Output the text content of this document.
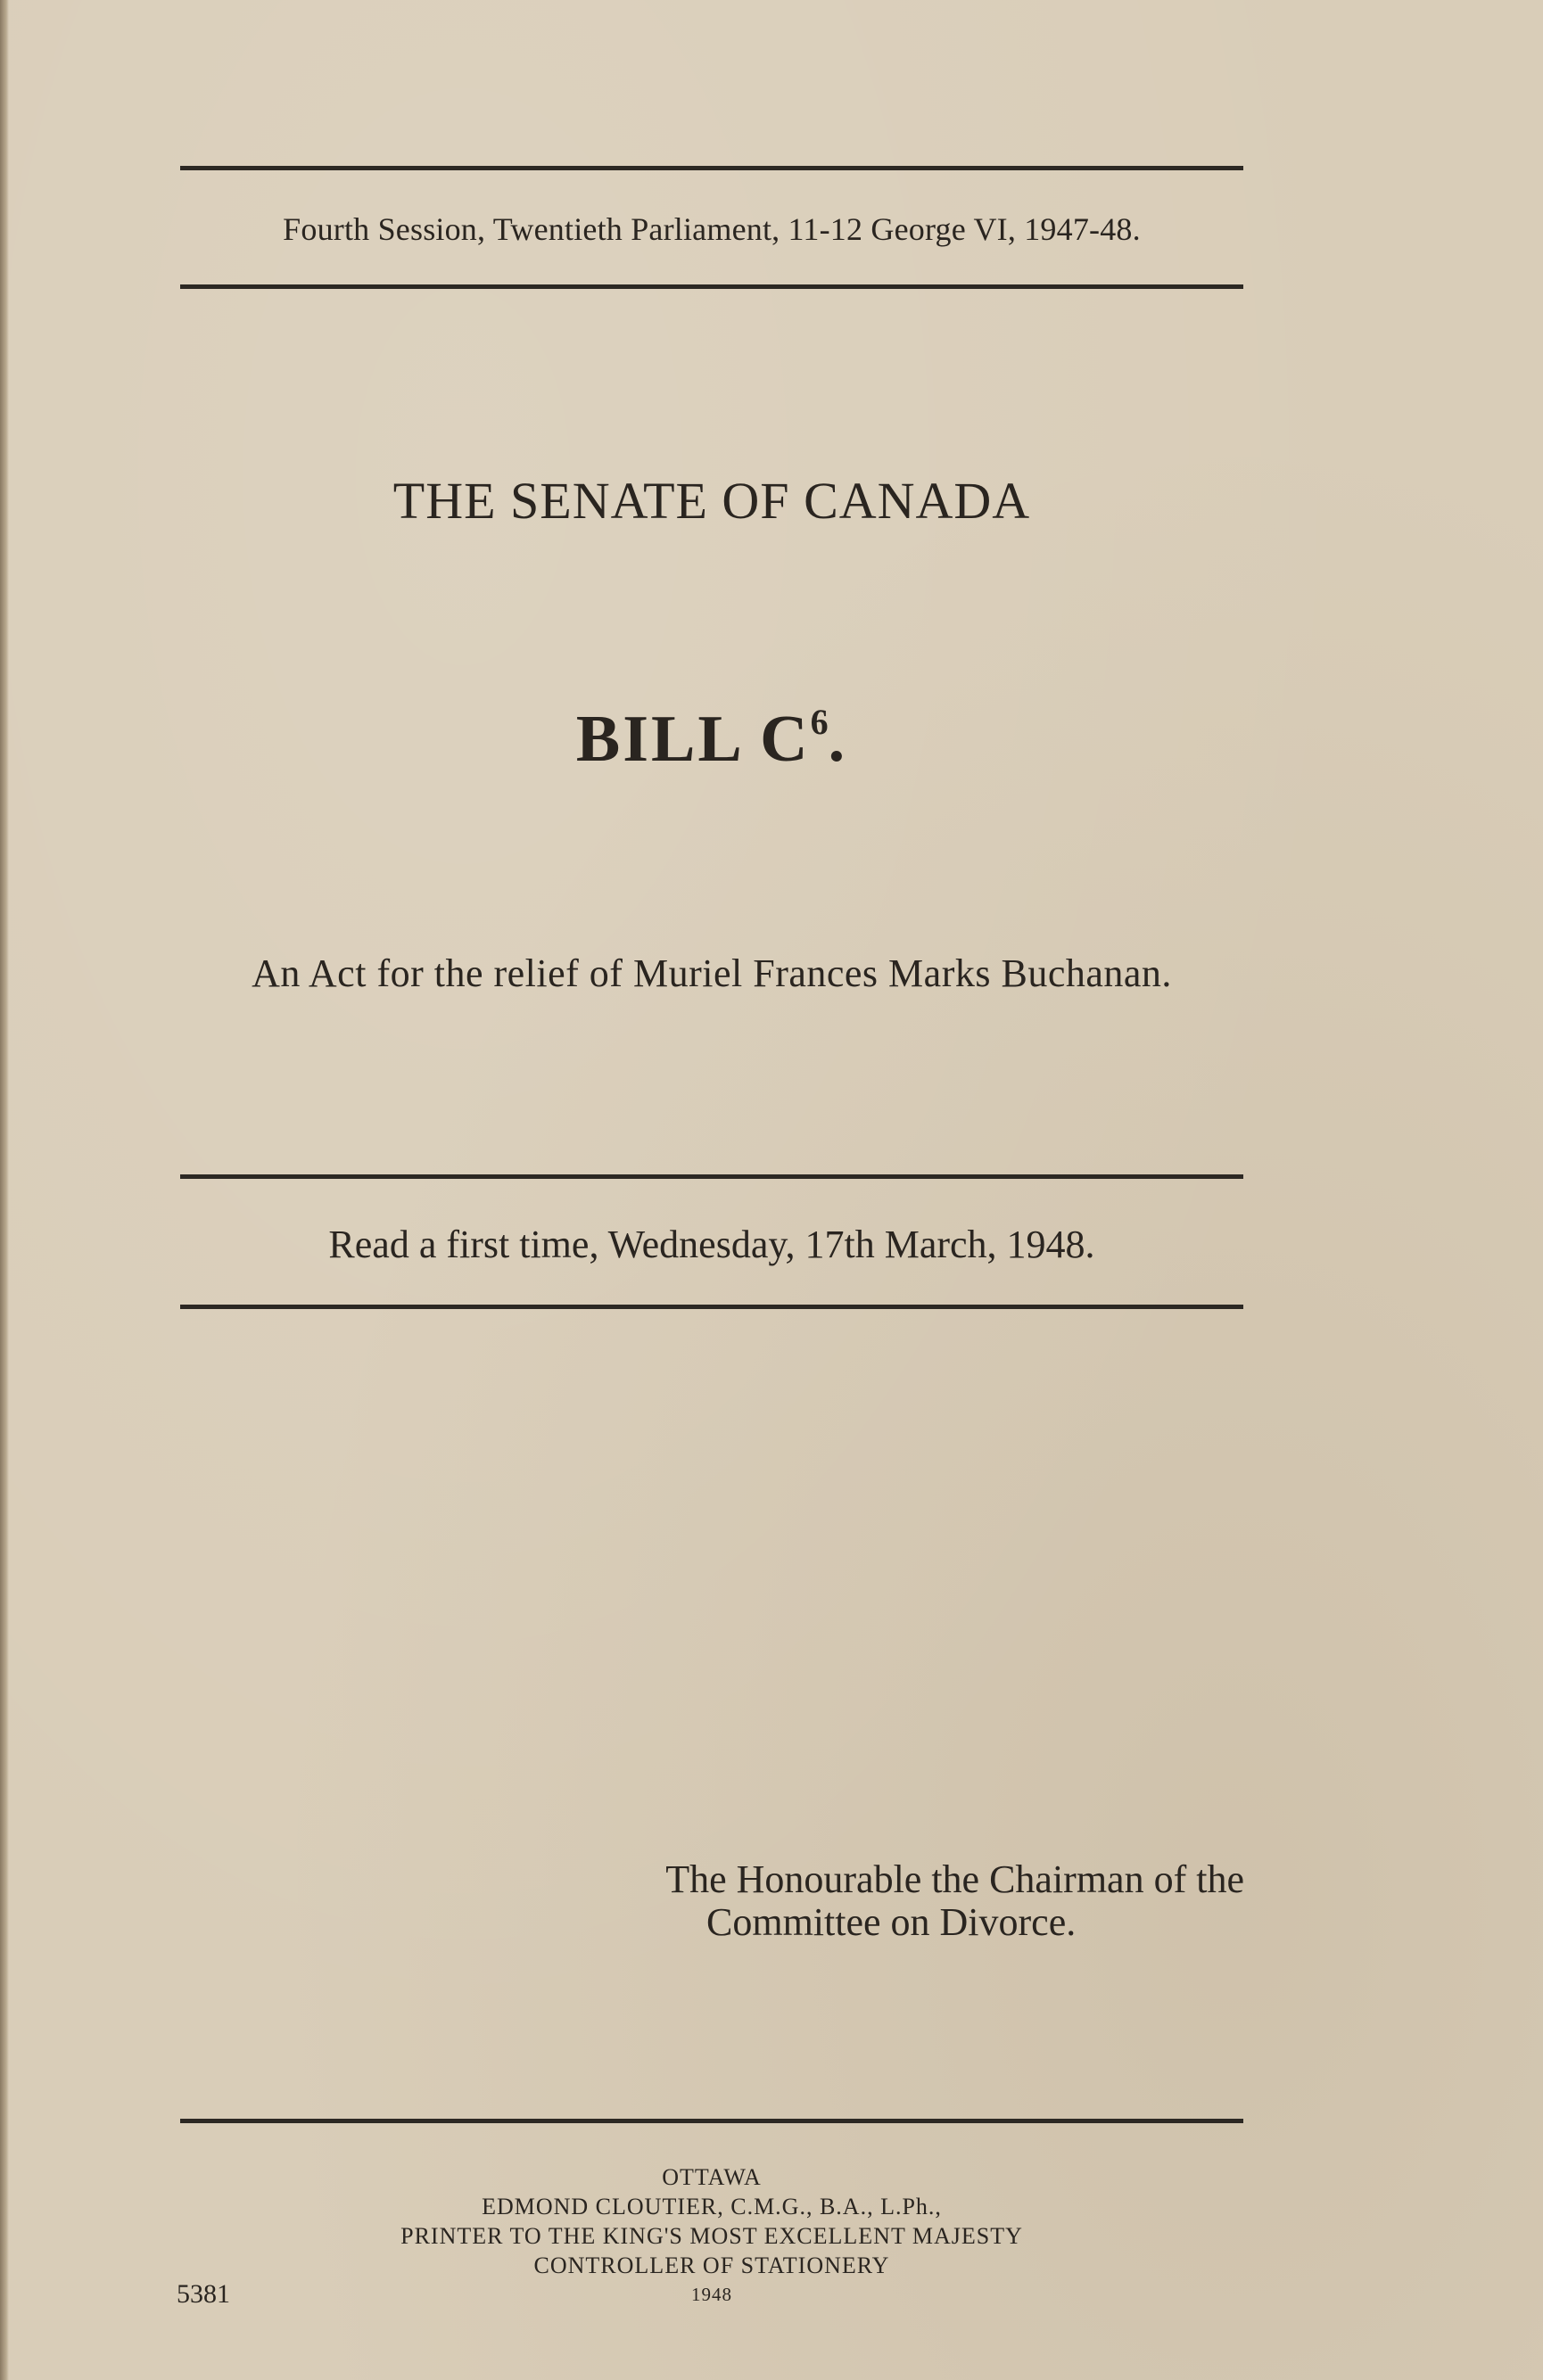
Fourth Session, Twentieth Parliament, 11-12 George VI, 1947-48.
THE SENATE OF CANADA
BILL $C^6$.
An Act for the relief of Muriel Frances Marks Buchanan.
Read a first time, Wednesday, 17th March, 1948.
The Honourable the Chairman of the
Committee on Divorce.
OTTAWA
EDMOND CLOUTIER, C.M.G., B.A., L.Ph.,
PRINTER TO THE KING'S MOST EXCELLENT MAJESTY
CONTROLLER OF STATIONERY
1948
5381
